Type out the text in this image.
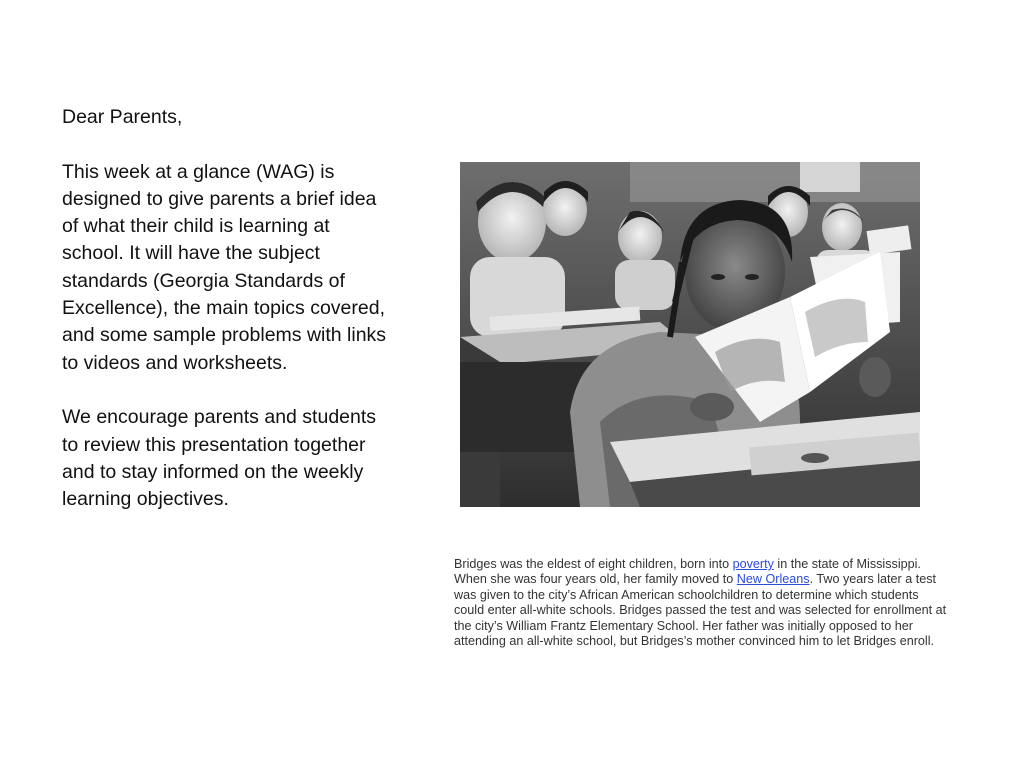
Dear Parents,

This week at a glance (WAG) is designed to give parents a brief idea of what their child is learning at school. It will have the subject standards (Georgia Standards of Excellence), the main topics covered, and some sample problems with links to videos and worksheets.

We encourage parents and students to review this presentation together and to stay informed on the weekly learning objectives.

Bridges was the eldest of eight children, born into poverty in the state of Mississippi. When she was four years old, her family moved to New Orleans. Two years later a test was given to the city’s African American schoolchildren to determine which students could enter all-white schools. Bridges passed the test and was selected for enrollment at the city’s William Frantz Elementary School. Her father was initially opposed to her attending an all-white school, but Bridges’s mother convinced him to let Bridges enroll.
